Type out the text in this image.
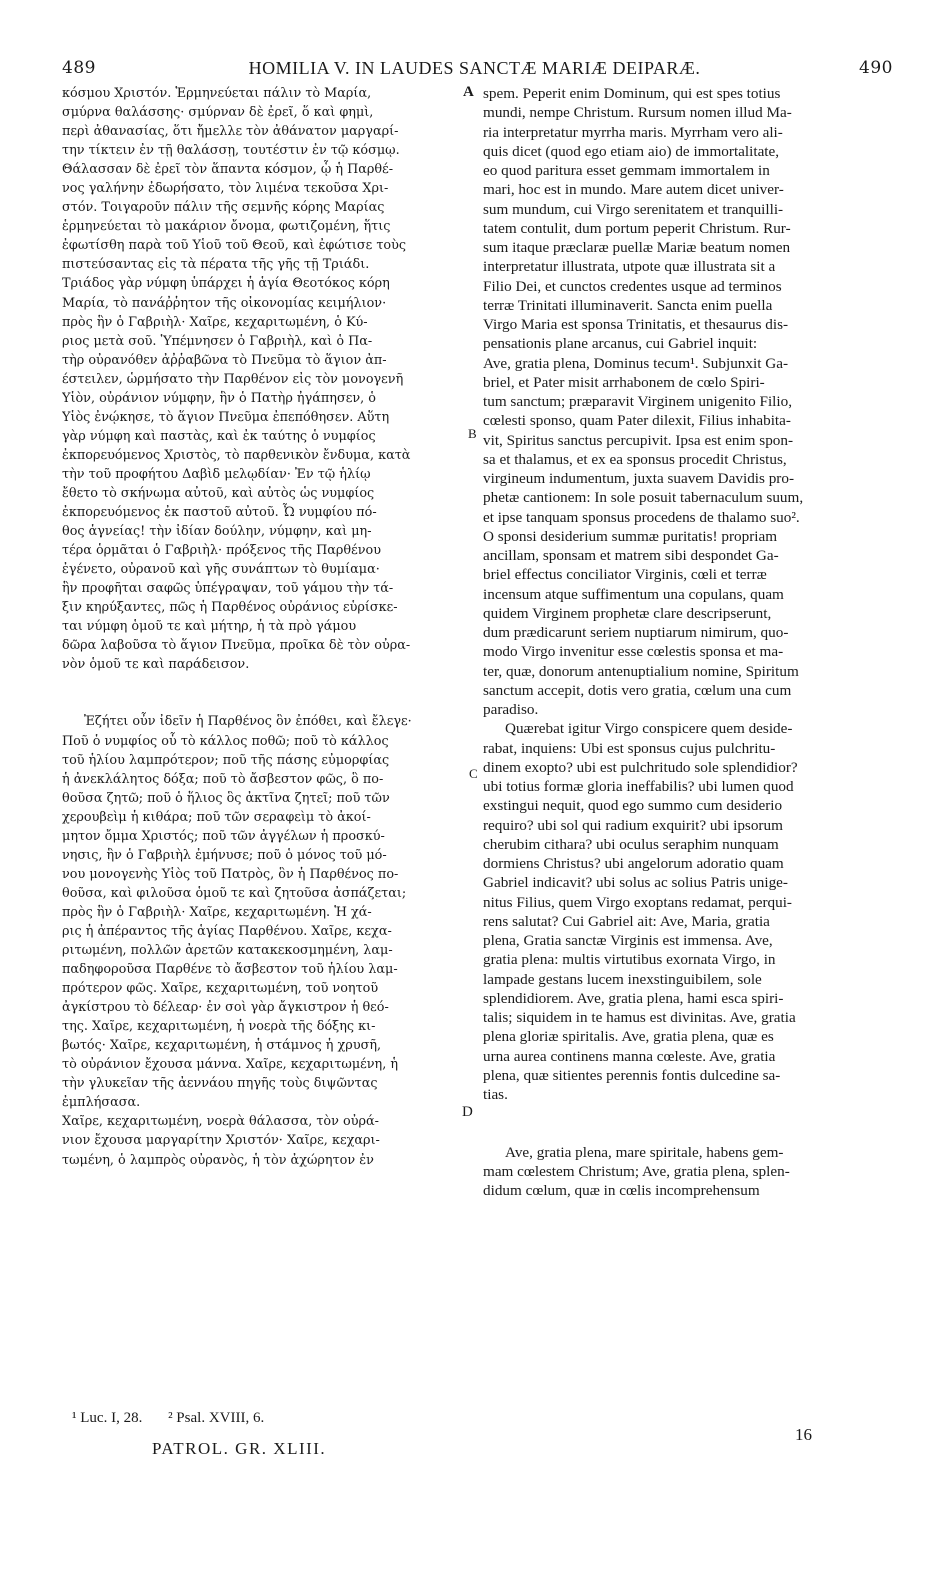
489	HOMILIA V. IN LAUDES SANCTÆ MARIÆ DEIPARÆ.	490
κόσμου Χριστόν. Ἑρμηνεύεται πάλιν τὸ Μαρία,
σμύρνα θαλάσσης· σμύρναν δὲ ἐρεῖ, ὅ καὶ φημὶ,
περὶ ἀθανασίας, ὅτι ἤμελλε τὸν ἀθάνατον μαργαρί-
την τίκτειν ἐν τῇ θαλάσσῃ, τουτέστιν ἐν τῷ κόσμῳ.
Θάλασσαν δὲ ἐρεῖ τὸν ἅπαντα κόσμον, ᾧ ἡ Παρθέ-
νος γαλήνην ἐδωρήσατο, τὸν λιμένα τεκοῦσα Χρι-
στόν. Τοιγαροῦν πάλιν τῆς σεμνῆς κόρης Μαρίας
ἑρμηνεύεται τὸ μακάριον ὄνομα, φωτιζομένη, ἥτις
ἐφωτίσθη παρὰ τοῦ Υἱοῦ τοῦ Θεοῦ, καὶ ἐφώτισε τοὺς
πιστεύσαντας εἰς τὰ πέρατα τῆς γῆς τῇ Τριάδι.
Τριάδος γὰρ νύμφη ὑπάρχει ἡ ἁγία Θεοτόκος κόρη
Μαρία, τὸ πανάῤῥητον τῆς οἰκονομίας κειμήλιον·
πρὸς ἣν ὁ Γαβριὴλ· Χαῖρε, κεχαριτωμένη, ὁ Κύ-
ριος μετὰ σοῦ. Ὑπέμνησεν ὁ Γαβριὴλ, καὶ ὁ Πα-
τὴρ οὐρανόθεν ἀῤῥαβῶνα τὸ Πνεῦμα τὸ ἅγιον ἀπ-
έστειλεν, ὡρμήσατο τὴν Παρθένον εἰς τὸν μονογενῆ
Υἱὸν, οὐράνιον νύμφην, ἣν ὁ Πατὴρ ἠγάπησεν, ὁ
Υἱὸς ἐνῴκησε, τὸ ἅγιον Πνεῦμα ἐπεπόθησεν. Αὕτη
γὰρ νύμφη καὶ παστὰς, καὶ ἐκ ταύτης ὁ νυμφίος
ἐκπορευόμενος Χριστὸς, τὸ παρθενικὸν ἔνδυμα, κατὰ
τὴν τοῦ προφήτου Δαβὶδ μελῳδίαν· Ἐν τῷ ἡλίῳ
ἔθετο τὸ σκήνωμα αὐτοῦ, καὶ αὐτὸς ὡς νυμφίος
ἐκπορευόμενος ἐκ παστοῦ αὐτοῦ. Ὦ νυμφίου πό-
θος ἁγνείας! τὴν ἰδίαν δούλην, νύμφην, καὶ μη-
τέρα ὁρμᾶται ὁ Γαβριὴλ· πρόξενος τῆς Παρθένου
ἐγένετο, οὐρανοῦ καὶ γῆς συνάπτων τὸ θυμίαμα·
ἣν προφῆται σαφῶς ὑπέγραψαν, τοῦ γάμου τὴν τά-
ξιν κηρύξαντες, πῶς ἡ Παρθένος οὐράνιος εὑρίσκε-
ται νύμφη ὁμοῦ τε καὶ μήτηρ, ἡ τὰ πρὸ γάμου
δῶρα λαβοῦσα τὸ ἅγιον Πνεῦμα, προῖκα δὲ τὸν οὐρα-
νὸν ὁμοῦ τε καὶ παράδεισον.
Ἐζήτει οὖν ἰδεῖν ἡ Παρθένος ὃν ἐπόθει, καὶ ἔλεγε·
Ποῦ ὁ νυμφίος οὗ τὸ κάλλος ποθῶ; ποῦ τὸ κάλλος
τοῦ ἡλίου λαμπρότερον; ποῦ τῆς πάσης εὐμορφίας
ἡ ἀνεκλάλητος δόξα; ποῦ τὸ ἄσβεστον φῶς, ὃ πο-
θοῦσα ζητῶ; ποῦ ὁ ἥλιος ὃς ἀκτῖνα ζητεῖ; ποῦ τῶν
χερουβεὶμ ἡ κιθάρα; ποῦ τῶν σεραφεὶμ τὸ ἀκοί-
μητον ὄμμα Χριστός; ποῦ τῶν ἀγγέλων ἡ προσκύ-
νησις, ἣν ὁ Γαβριὴλ ἐμήνυσε; ποῦ ὁ μόνος τοῦ μό-
νου μονογενὴς Υἱὸς τοῦ Πατρὸς, ὃν ἡ Παρθένος πο-
θοῦσα, καὶ φιλοῦσα ὁμοῦ τε καὶ ζητοῦσα ἀσπάζεται;
πρὸς ἣν ὁ Γαβριὴλ· Χαῖρε, κεχαριτωμένη. Ἡ χά-
ρις ἡ ἀπέραντος τῆς ἁγίας Παρθένου. Χαῖρε, κεχα-
ριτωμένη, πολλῶν ἀρετῶν κατακεκοσμημένη, λαμ-
παδηφοροῦσα Παρθένε τὸ ἄσβεστον τοῦ ἡλίου λαμ-
πρότερον φῶς. Χαῖρε, κεχαριτωμένη, τοῦ νοητοῦ
ἀγκίστρου τὸ δέλεαρ· ἐν σοὶ γὰρ ἄγκιστρον ἡ θεό-
της. Χαῖρε, κεχαριτωμένη, ἡ νοερὰ τῆς δόξης κι-
βωτός· Χαῖρε, κεχαριτωμένη, ἡ στάμνος ἡ χρυσῆ,
τὸ οὐράνιον ἔχουσα μάννα. Χαῖρε, κεχαριτωμένη, ἡ
τὴν γλυκεῖαν τῆς ἀεννάου πηγῆς τοὺς διψῶντας
ἐμπλήσασα.
Χαῖρε, κεχαριτωμένη, νοερὰ θάλασσα, τὸν οὐρά-
νιον ἔχουσα μαργαρίτην Χριστόν· Χαῖρε, κεχαρι-
τωμένη, ὁ λαμπρὸς οὐρανὸς, ἡ τὸν ἀχώρητον ἐν
spem. Peperit enim Dominum, qui est spes totius
mundi, nempe Christum. Rursum nomen illud Ma-
ria interpretatur myrrha maris. Myrrham vero ali-
quis dicet (quod ego etiam aio) de immortalitate,
eo quod paritura esset gemmam immortalem in
mari, hoc est in mundo. Mare autem dicet univer-
sum mundum, cui Virgo serenitatem et tranquilli-
tatem contulit, dum portum peperit Christum. Rur-
sum itaque præclaræ puellæ Mariæ beatum nomen
interpretatur illustrata, utpote quæ illustrata sit a
Filio Dei, et cunctos credentes usque ad terminos
terræ Trinitati illuminaverit. Sancta enim puella
Virgo Maria est sponsa Trinitatis, et thesaurus dis-
pensationis plane arcanus, cui Gabriel inquit:
Ave, gratia plena, Dominus tecum¹. Subjunxit Ga-
briel, et Pater misit arrhabonem de cœlo Spiri-
tum sanctum; præparavit Virginem unigenito Filio,
cœlesti sponso, quam Pater dilexit, Filius inhabita-
vit, Spiritus sanctus percupivit. Ipsa est enim spon-
sa et thalamus, et ex ea sponsus procedit Christus,
virgineum indumentum, juxta suavem Davidis pro-
phetæ cantionem: In sole posuit tabernaculum suum,
et ipse tanquam sponsus procedens de thalamo suo².
O sponsi desiderium summæ puritatis! propriam
ancillam, sponsam et matrem sibi despondet Ga-
briel effectus conciliator Virginis, cœli et terræ
incensum atque suffimentum una copulans, quam
quidem Virginem prophetæ clare descripserunt,
dum prædicarunt seriem nuptiarum nimirum, quo-
modo Virgo invenitur esse cœlestis sponsa et ma-
ter, quæ, donorum antenuptialium nomine, Spiritum
sanctum accepit, dotis vero gratia, cœlum una cum
paradiso.
Quærebat igitur Virgo conspicere quem deside-
rabat, inquiens: Ubi est sponsus cujus pulchritu-
dinem exopto? ubi est pulchritudo sole splendidior?
ubi totius formæ gloria ineffabilis? ubi lumen quod
exstingui nequit, quod ego summo cum desiderio
requiro? ubi sol qui radium exquirit? ubi ipsorum
cherubim cithara? ubi oculus seraphim nunquam
dormiens Christus? ubi angelorum adoratio quam
Gabriel indicavit? ubi solus ac solius Patris unige-
nitus Filius, quem Virgo exoptans redamat, perqui-
rens salutat? Cui Gabriel ait: Ave, Maria, gratia
plena, Gratia sanctæ Virginis est immensa. Ave,
gratia plena: multis virtutibus exornata Virgo, in
lampade gestans lucem inexstinguibilem, sole
splendidiorem. Ave, gratia plena, hami esca spiri-
talis; siquidem in te hamus est divinitas. Ave, gratia
plena gloriæ spiritalis. Ave, gratia plena, quæ es
urna aurea continens manna cœleste. Ave, gratia
plena, quæ sitientes perennis fontis dulcedine sa-
tias.
Ave, gratia plena, mare spiritale, habens gem-
mam cœlestem Christum; Ave, gratia plena, splen-
didum cœlum, quæ in cœlis incomprehensum
A
B
C
D
¹ Luc. I, 28. ² Psal. XVIII, 6.
PATROL. GR. XLIII.
16
